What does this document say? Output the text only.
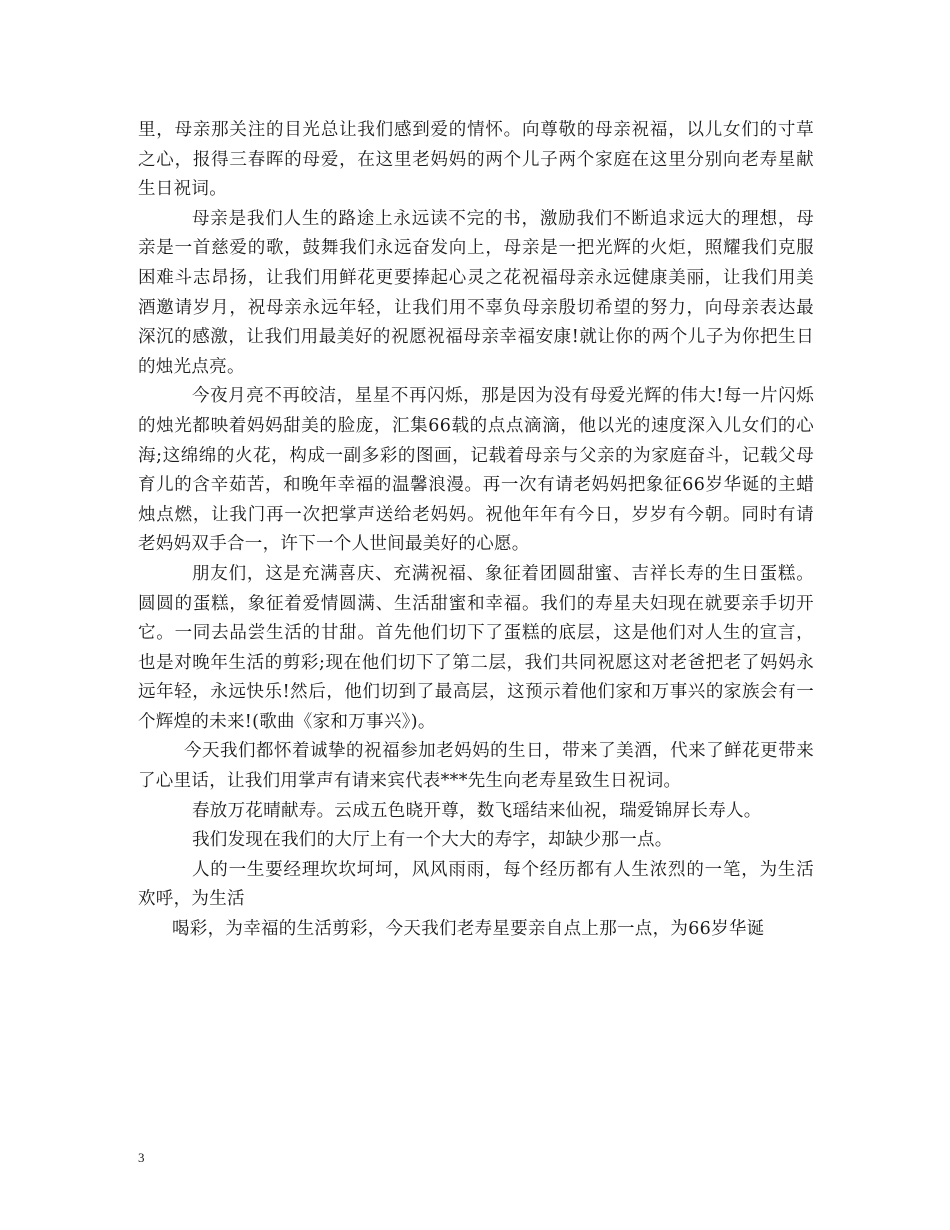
里，母亲那关注的目光总让我们感到爱的情怀。向尊敬的母亲祝福，以儿女们的寸草之心，报得三春晖的母爱，在这里老妈妈的两个儿子两个家庭在这里分别向老寿星献生日祝词。

母亲是我们人生的路途上永远读不完的书，激励我们不断追求远大的理想，母亲是一首慈爱的歌，鼓舞我们永远奋发向上，母亲是一把光辉的火炬，照耀我们克服困难斗志昂扬，让我们用鲜花更要捧起心灵之花祝福母亲永远健康美丽，让我们用美酒邀请岁月，祝母亲永远年轻，让我们用不辜负母亲殷切希望的努力，向母亲表达最深沉的感激，让我们用最美好的祝愿祝福母亲幸福安康!就让你的两个儿子为你把生日的烛光点亮。

今夜月亮不再皎洁，星星不再闪烁，那是因为没有母爱光辉的伟大!每一片闪烁的烛光都映着妈妈甜美的脸庞，汇集66载的点点滴滴，他以光的速度深入儿女们的心海;这绵绵的火花，构成一副多彩的图画，记载着母亲与父亲的为家庭奋斗，记载父母育儿的含辛茹苦，和晚年幸福的温馨浪漫。再一次有请老妈妈把象征66岁华诞的主蜡烛点燃，让我门再一次把掌声送给老妈妈。祝他年年有今日，岁岁有今朝。同时有请老妈妈双手合一，许下一个人世间最美好的心愿。

朋友们，这是充满喜庆、充满祝福、象征着团圆甜蜜、吉祥长寿的生日蛋糕。圆圆的蛋糕，象征着爱情圆满、生活甜蜜和幸福。我们的寿星夫妇现在就要亲手切开它。一同去品尝生活的甘甜。首先他们切下了蛋糕的底层，这是他们对人生的宣言，也是对晚年生活的剪彩;现在他们切下了第二层，我们共同祝愿这对老爸把老了妈妈永远年轻，永远快乐!然后，他们切到了最高层，这预示着他们家和万事兴的家族会有一个辉煌的未来!(歌曲《家和万事兴》)。

今天我们都怀着诚挚的祝福参加老妈妈的生日，带来了美酒，代来了鲜花更带来了心里话，让我们用掌声有请来宾代表***先生向老寿星致生日祝词。

春放万花晴献寿。云成五色晓开尊，数飞瑶结来仙祝，瑞爱锦屏长寿人。

我们发现在我们的大厅上有一个大大的寿字，却缺少那一点。

人的一生要经理坎坎坷坷，风风雨雨，每个经历都有人生浓烈的一笔，为生活欢呼，为生活

喝彩，为幸福的生活剪彩，今天我们老寿星要亲自点上那一点，为66岁华诞

3
